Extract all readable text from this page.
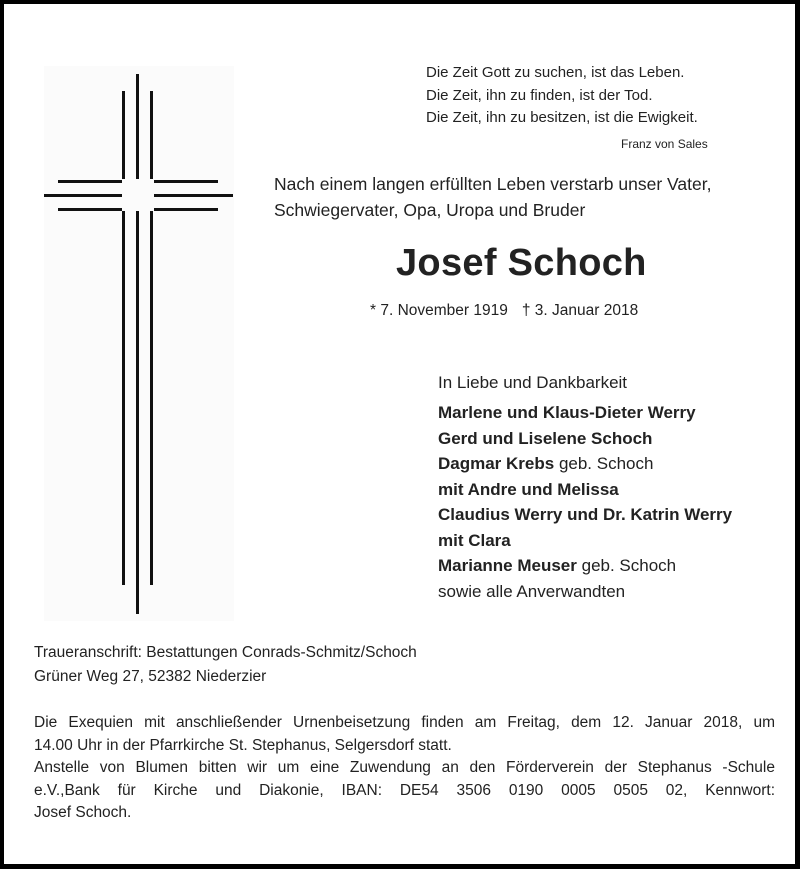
Die Zeit Gott zu suchen, ist das Leben.
Die Zeit, ihn zu finden, ist der Tod.
Die Zeit, ihn zu besitzen, ist die Ewigkeit.
Franz von Sales
Nach einem langen erfüllten Leben verstarb unser Vater,
Schwiegervater, Opa, Uropa und Bruder
Josef Schoch
* 7. November 1919 † 3. Januar 2018
In Liebe und Dankbarkeit
Marlene und Klaus-Dieter Werry
Gerd und Liselene Schoch
Dagmar Krebs geb. Schoch
mit Andre und Melissa
Claudius Werry und Dr. Katrin Werry
mit Clara
Marianne Meuser geb. Schoch
sowie alle Anverwandten
Traueranschrift: Bestattungen Conrads-Schmitz/Schoch
Grüner Weg 27, 52382 Niederzier
Die Exequien mit anschließender Urnenbeisetzung finden am Freitag, dem 12. Januar 2018, um
14.00 Uhr in der Pfarrkirche St. Stephanus, Selgersdorf statt.
Anstelle von Blumen bitten wir um eine Zuwendung an den Förderverein der Stephanus -Schule
e.V.,Bank für Kirche und Diakonie, IBAN: DE54 3506 0190 0005 0505 02, Kennwort:
Josef Schoch.
